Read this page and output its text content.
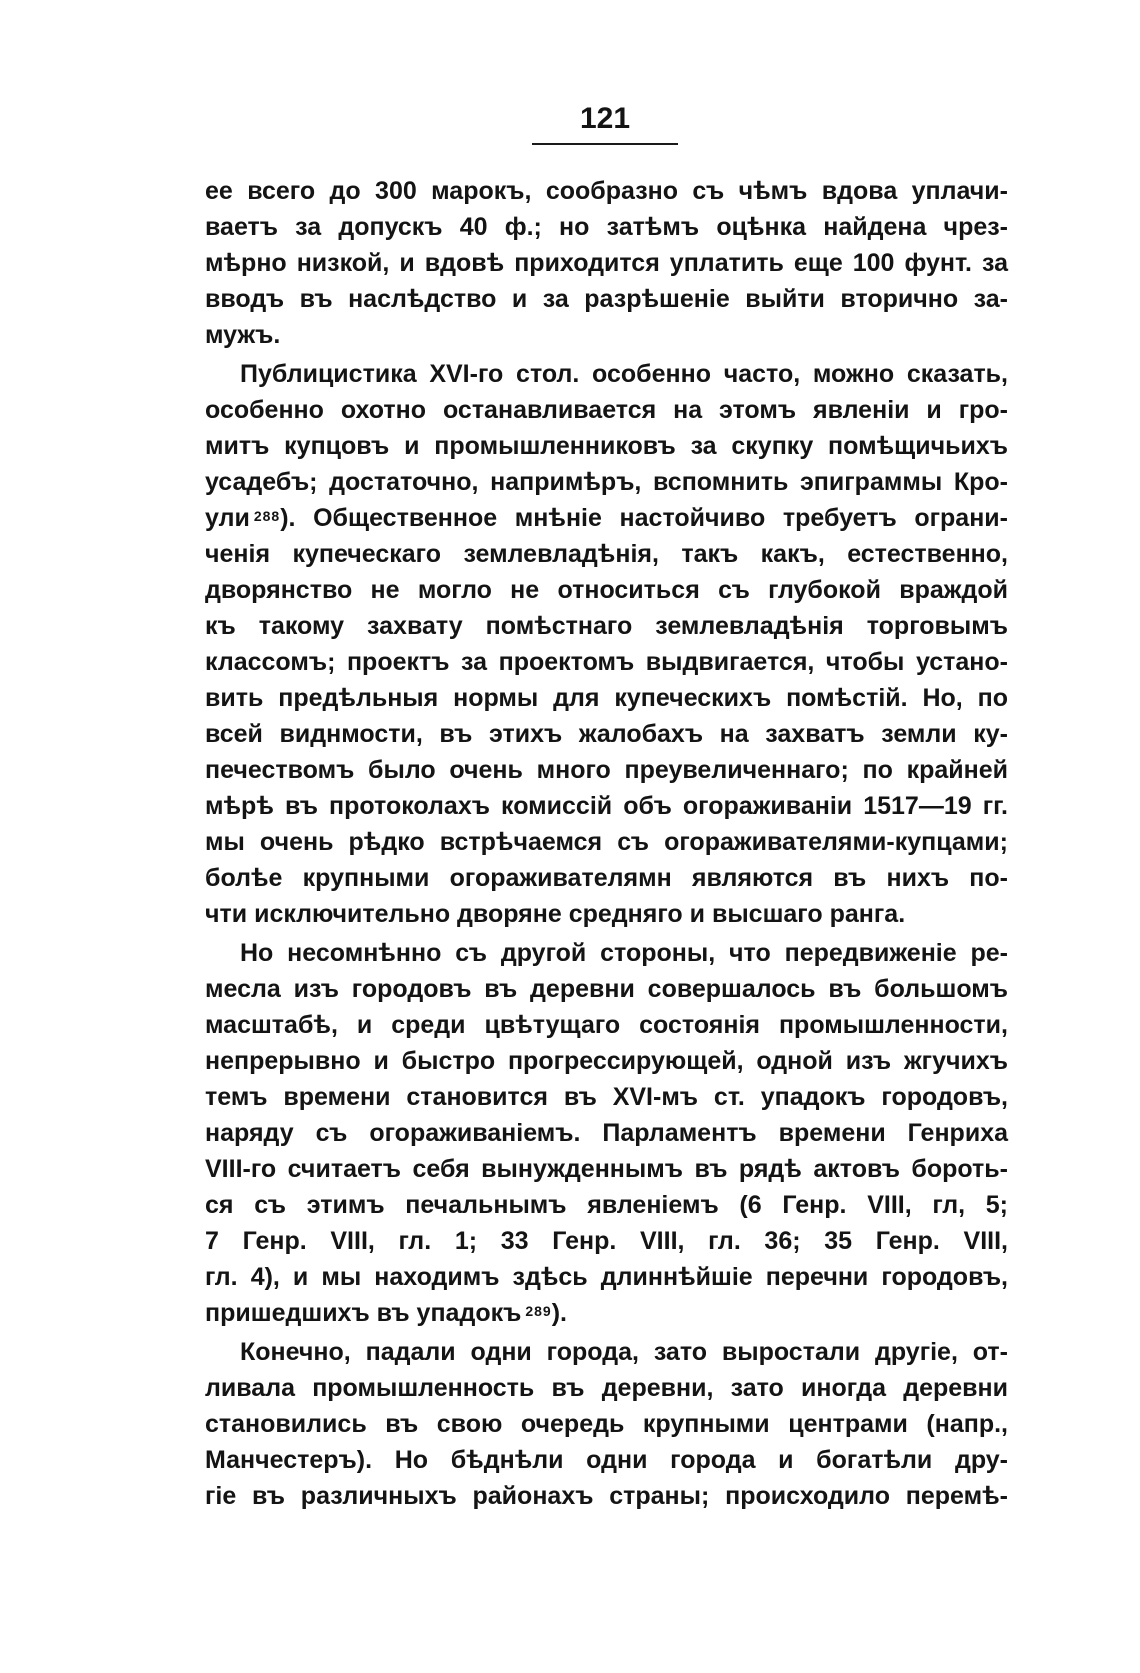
121
ее всего до 300 марокъ, сообразно съ чѣмъ вдова уплачи-
ваетъ за допускъ 40 ф.; но затѣмъ оцѣнка найдена чрез-
мѣрно низкой, и вдовѣ приходится уплатить еще 100 фунт. за
вводъ въ наслѣдство и за разрѣшеніе выйти вторично за-
мужъ.
Публицистика XVI-го стол. особенно часто, можно сказать,
особенно охотно останавливается на этомъ явленіи и гро-
митъ купцовъ и промышленниковъ за скупку помѣщичьихъ
усадебъ; достаточно, напримѣръ, вспомнить эпиграммы Кро-
ули $^{288}$). Общественное мнѣніе настойчиво требуетъ ограни-
ченія купеческаго землевладѣнія, такъ какъ, естественно,
дворянство не могло не относиться съ глубокой враждой
къ такому захвату помѣстнаго землевладѣнія торговымъ
классомъ; проектъ за проектомъ выдвигается, чтобы устано-
вить предѣльныя нормы для купеческихъ помѣстій. Но, по
всей виднмости, въ этихъ жалобахъ на захватъ земли ку-
печествомъ было очень много преувеличеннаго; по крайней
мѣрѣ въ протоколахъ комиссій объ огораживаніи 1517—19 гг.
мы очень рѣдко встрѣчаемся съ огораживателями-купцами;
болѣе крупными огораживателямн являются въ нихъ по-
чти исключительно дворяне средняго и высшаго ранга.
Но несомнѣнно съ другой стороны, что передвиженіе ре-
месла изъ городовъ въ деревни совершалось въ большомъ
масштабѣ, и среди цвѣтущаго состоянія промышленности,
непрерывно и быстро прогрессирующей, одной изъ жгучихъ
темъ времени становится въ XVI-мъ ст. упадокъ городовъ,
наряду съ огораживаніемъ. Парламентъ времени Генриха
VIII-го считаетъ себя вынужденнымъ въ рядѣ актовъ бороть-
ся съ этимъ печальнымъ явленіемъ (6 Генр. VIII, гл, 5;
7 Генр. VIII, гл. 1; 33 Генр. VIII, гл. 36; 35 Генр. VIII,
гл. 4), и мы находимъ здѣсь длиннѣйшіе перечни городовъ,
пришедшихъ въ упадокъ $^{289}$).
Конечно, падали одни города, зато выростали другіе, от-
ливала промышленность въ деревни, зато иногда деревни
становились въ свою очередь крупными центрами (напр.,
Манчестеръ). Но бѣднѣли одни города и богатѣли дру-
гіе въ различныхъ районахъ страны; происходило перемѣ-
